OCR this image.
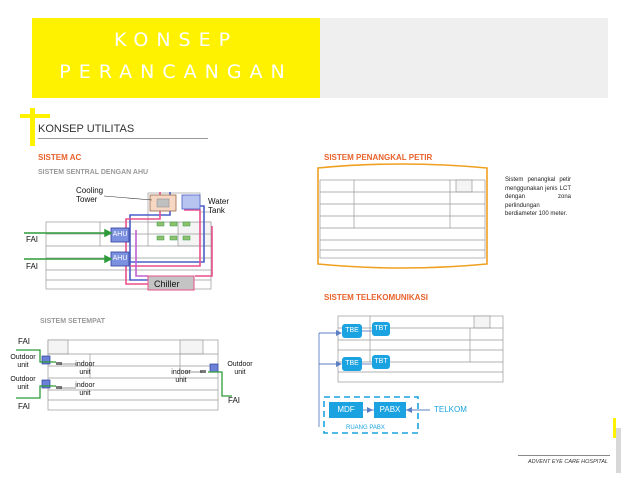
KONSEP
PERANCANGAN
KONSEP UTILITAS
SISTEM AC
SISTEM SENTRAL DENGAN AHU
SISTEM SETEMPAT
SISTEM PENANGKAL PETIR
SISTEM TELEKOMUNIKASI
Cooling
Tower	Water
Tank
AHU
AHU
Chiller
FAI
FAI
FAI
FAI
FAI
Outdoor
unit
Outdoor
unit
Outdoor
unit
indoor
unit
indoor
unit
indoor
unit
Sistem penangkal petir menggunakan jenis LCT dengan zona perlindungan berdiameter 100 meter.
TBE	TBT
TBE	TBT
MDF	PABX	TELKOM
RUANG PABX
ADVENT EYE CARE HOSPITAL
